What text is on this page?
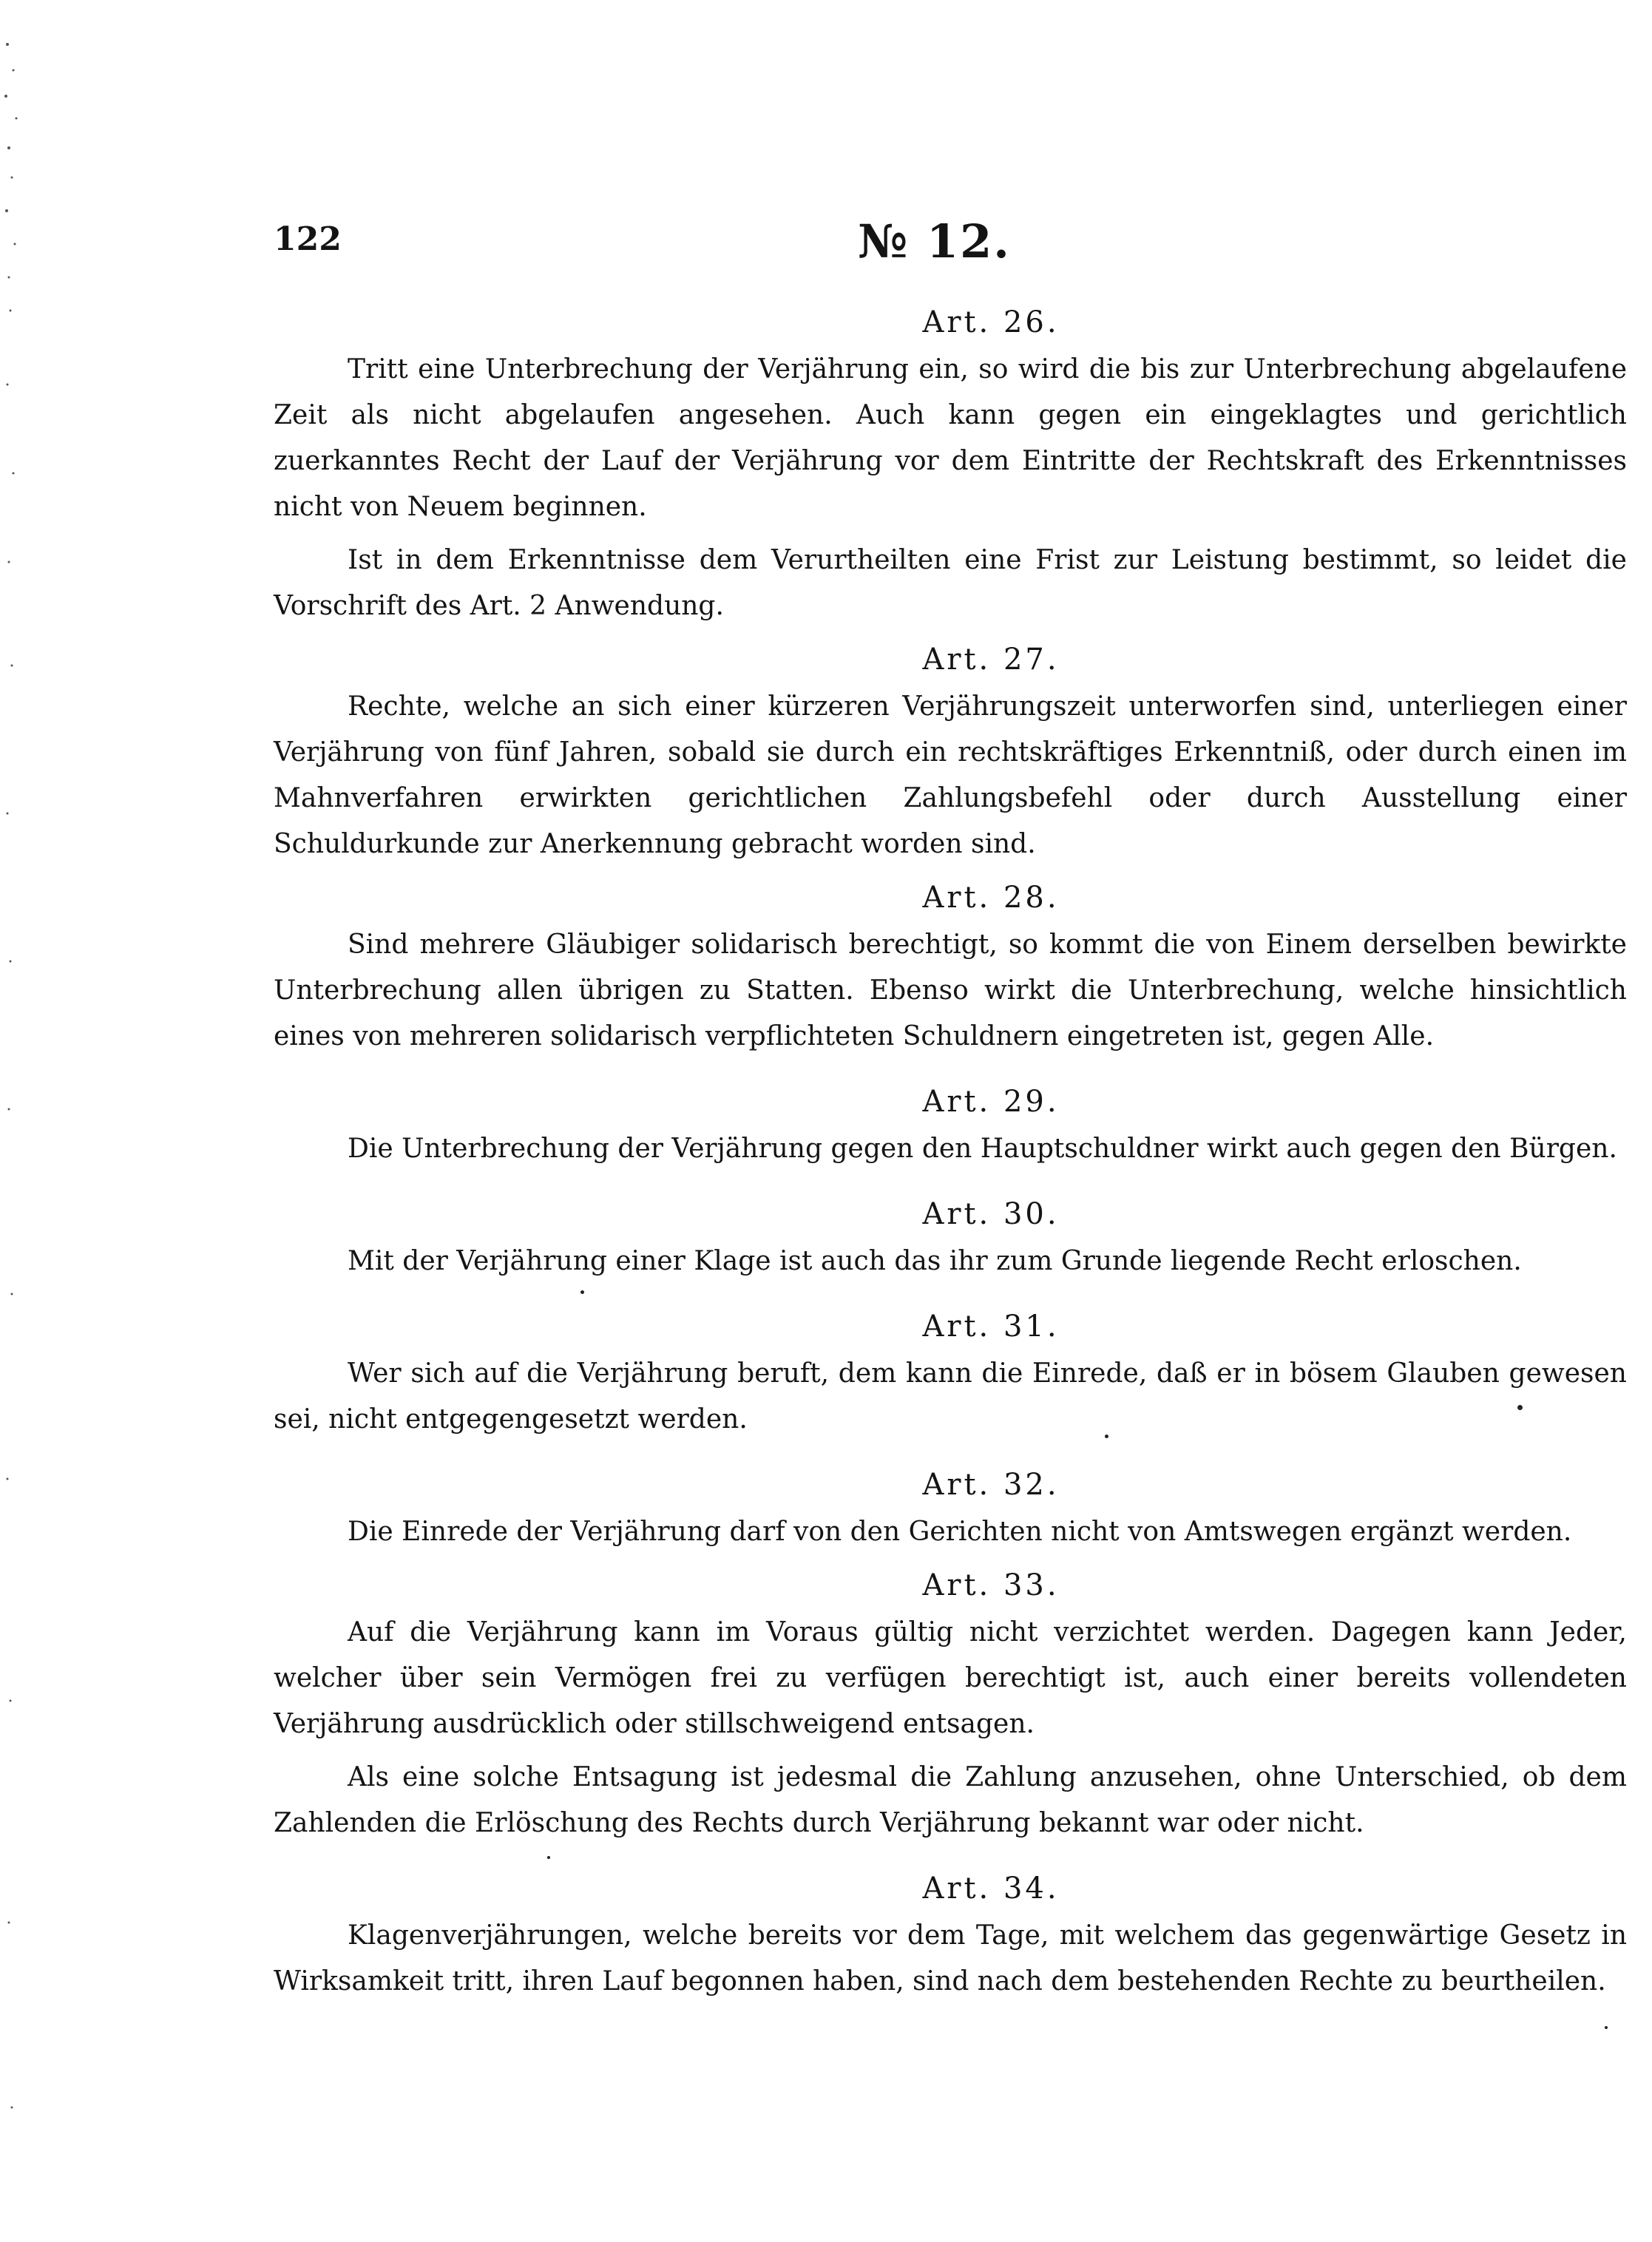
122	№ 12.
Art. 26.

Tritt eine Unterbrechung der Verjährung ein, so wird die bis zur Unterbrechung abgelaufene Zeit als nicht abgelaufen angesehen. Auch kann gegen ein eingeklagtes und gerichtlich zuerkanntes Recht der Lauf der Verjährung vor dem Eintritte der Rechtskraft des Erkenntnisses nicht von Neuem beginnen.

Ist in dem Erkenntnisse dem Verurtheilten eine Frist zur Leistung bestimmt, so leidet die Vorschrift des Art. 2 Anwendung.

Art. 27.

Rechte, welche an sich einer kürzeren Verjährungszeit unterworfen sind, unterliegen einer Verjährung von fünf Jahren, sobald sie durch ein rechtskräftiges Erkenntniß, oder durch einen im Mahnverfahren erwirkten gerichtlichen Zahlungsbefehl oder durch Ausstellung einer Schuldurkunde zur Anerkennung gebracht worden sind.

Art. 28.

Sind mehrere Gläubiger solidarisch berechtigt, so kommt die von Einem derselben bewirkte Unterbrechung allen übrigen zu Statten. Ebenso wirkt die Unterbrechung, welche hinsichtlich eines von mehreren solidarisch verpflichteten Schuldnern eingetreten ist, gegen Alle.

Art. 29.

Die Unterbrechung der Verjährung gegen den Hauptschuldner wirkt auch gegen den Bürgen.

Art. 30.

Mit der Verjährung einer Klage ist auch das ihr zum Grunde liegende Recht erloschen.

Art. 31.

Wer sich auf die Verjährung beruft, dem kann die Einrede, daß er in bösem Glauben gewesen sei, nicht entgegengesetzt werden.

Art. 32.

Die Einrede der Verjährung darf von den Gerichten nicht von Amtswegen ergänzt werden.

Art. 33.

Auf die Verjährung kann im Voraus gültig nicht verzichtet werden. Dagegen kann Jeder, welcher über sein Vermögen frei zu verfügen berechtigt ist, auch einer bereits vollendeten Verjährung ausdrücklich oder stillschweigend entsagen.

Als eine solche Entsagung ist jedesmal die Zahlung anzusehen, ohne Unterschied, ob dem Zahlenden die Erlöschung des Rechts durch Verjährung bekannt war oder nicht.

Art. 34.

Klagenverjährungen, welche bereits vor dem Tage, mit welchem das gegenwärtige Gesetz in Wirksamkeit tritt, ihren Lauf begonnen haben, sind nach dem bestehenden Rechte zu beurtheilen.
